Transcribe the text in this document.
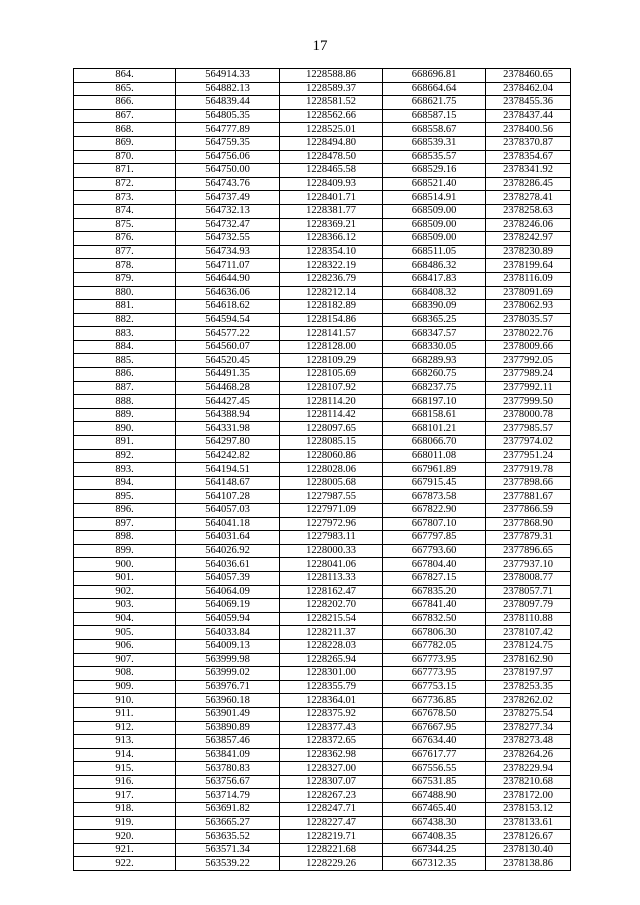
17
864.	564914.33	1228588.86	668696.81	2378460.65
865.	564882.13	1228589.37	668664.64	2378462.04
866.	564839.44	1228581.52	668621.75	2378455.36
867.	564805.35	1228562.66	668587.15	2378437.44
868.	564777.89	1228525.01	668558.67	2378400.56
869.	564759.35	1228494.80	668539.31	2378370.87
870.	564756.06	1228478.50	668535.57	2378354.67
871.	564750.00	1228465.58	668529.16	2378341.92
872.	564743.76	1228409.93	668521.40	2378286.45
873.	564737.49	1228401.71	668514.91	2378278.41
874.	564732.13	1228381.77	668509.00	2378258.63
875.	564732.47	1228369.21	668509.00	2378246.06
876.	564732.55	1228366.12	668509.00	2378242.97
877.	564734.93	1228354.10	668511.05	2378230.89
878.	564711.07	1228322.19	668486.32	2378199.64
879.	564644.90	1228236.79	668417.83	2378116.09
880.	564636.06	1228212.14	668408.32	2378091.69
881.	564618.62	1228182.89	668390.09	2378062.93
882.	564594.54	1228154.86	668365.25	2378035.57
883.	564577.22	1228141.57	668347.57	2378022.76
884.	564560.07	1228128.00	668330.05	2378009.66
885.	564520.45	1228109.29	668289.93	2377992.05
886.	564491.35	1228105.69	668260.75	2377989.24
887.	564468.28	1228107.92	668237.75	2377992.11
888.	564427.45	1228114.20	668197.10	2377999.50
889.	564388.94	1228114.42	668158.61	2378000.78
890.	564331.98	1228097.65	668101.21	2377985.57
891.	564297.80	1228085.15	668066.70	2377974.02
892.	564242.82	1228060.86	668011.08	2377951.24
893.	564194.51	1228028.06	667961.89	2377919.78
894.	564148.67	1228005.68	667915.45	2377898.66
895.	564107.28	1227987.55	667873.58	2377881.67
896.	564057.03	1227971.09	667822.90	2377866.59
897.	564041.18	1227972.96	667807.10	2377868.90
898.	564031.64	1227983.11	667797.85	2377879.31
899.	564026.92	1228000.33	667793.60	2377896.65
900.	564036.61	1228041.06	667804.40	2377937.10
901.	564057.39	1228113.33	667827.15	2378008.77
902.	564064.09	1228162.47	667835.20	2378057.71
903.	564069.19	1228202.70	667841.40	2378097.79
904.	564059.94	1228215.54	667832.50	2378110.88
905.	564033.84	1228211.37	667806.30	2378107.42
906.	564009.13	1228228.03	667782.05	2378124.75
907.	563999.98	1228265.94	667773.95	2378162.90
908.	563999.02	1228301.00	667773.95	2378197.97
909.	563976.71	1228355.79	667753.15	2378253.35
910.	563960.18	1228364.01	667736.85	2378262.02
911.	563901.49	1228375.92	667678.50	2378275.54
912.	563890.89	1228377.43	667667.95	2378277.34
913.	563857.46	1228372.65	667634.40	2378273.48
914.	563841.09	1228362.98	667617.77	2378264.26
915.	563780.83	1228327.00	667556.55	2378229.94
916.	563756.67	1228307.07	667531.85	2378210.68
917.	563714.79	1228267.23	667488.90	2378172.00
918.	563691.82	1228247.71	667465.40	2378153.12
919.	563665.27	1228227.47	667438.30	2378133.61
920.	563635.52	1228219.71	667408.35	2378126.67
921.	563571.34	1228221.68	667344.25	2378130.40
922.	563539.22	1228229.26	667312.35	2378138.86
